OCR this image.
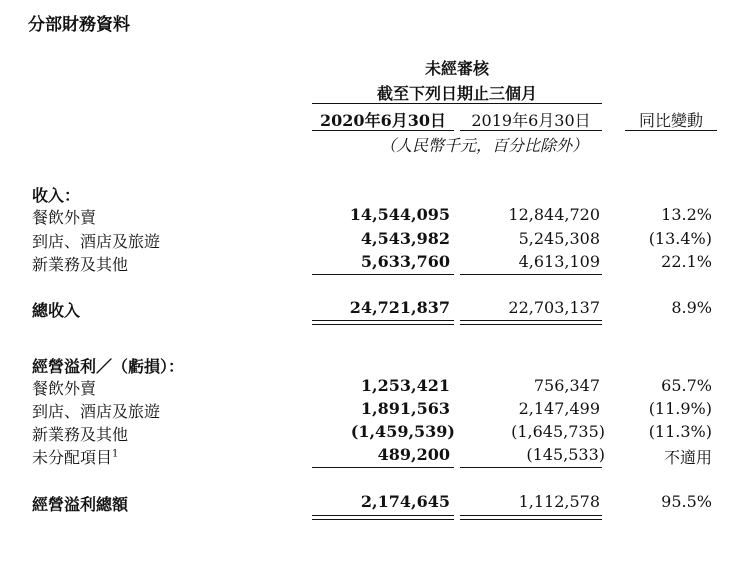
分部財務資料
未經審核
截至下列日期止三個月
2020年6月30日	2019年6月30日	同比變動
（人民幣千元，百分比除外）
收入：
餐飲外賣	14,544,095	12,844,720	13.2%
到店、酒店及旅遊	4,543,982	5,245,308	(13.4%)
新業務及其他	5,633,760	4,613,109	22.1%
總收入	24,721,837	22,703,137	8.9%
經營溢利／（虧損）：
餐飲外賣	1,253,421	756,347	65.7%
到店、酒店及旅遊	1,891,563	2,147,499	(11.9%)
新業務及其他	(1,459,539)	(1,645,735)	(11.3%)
未分配項目$^1$	489,200	(145,533)	不適用
經營溢利總額	2,174,645	1,112,578	95.5%
